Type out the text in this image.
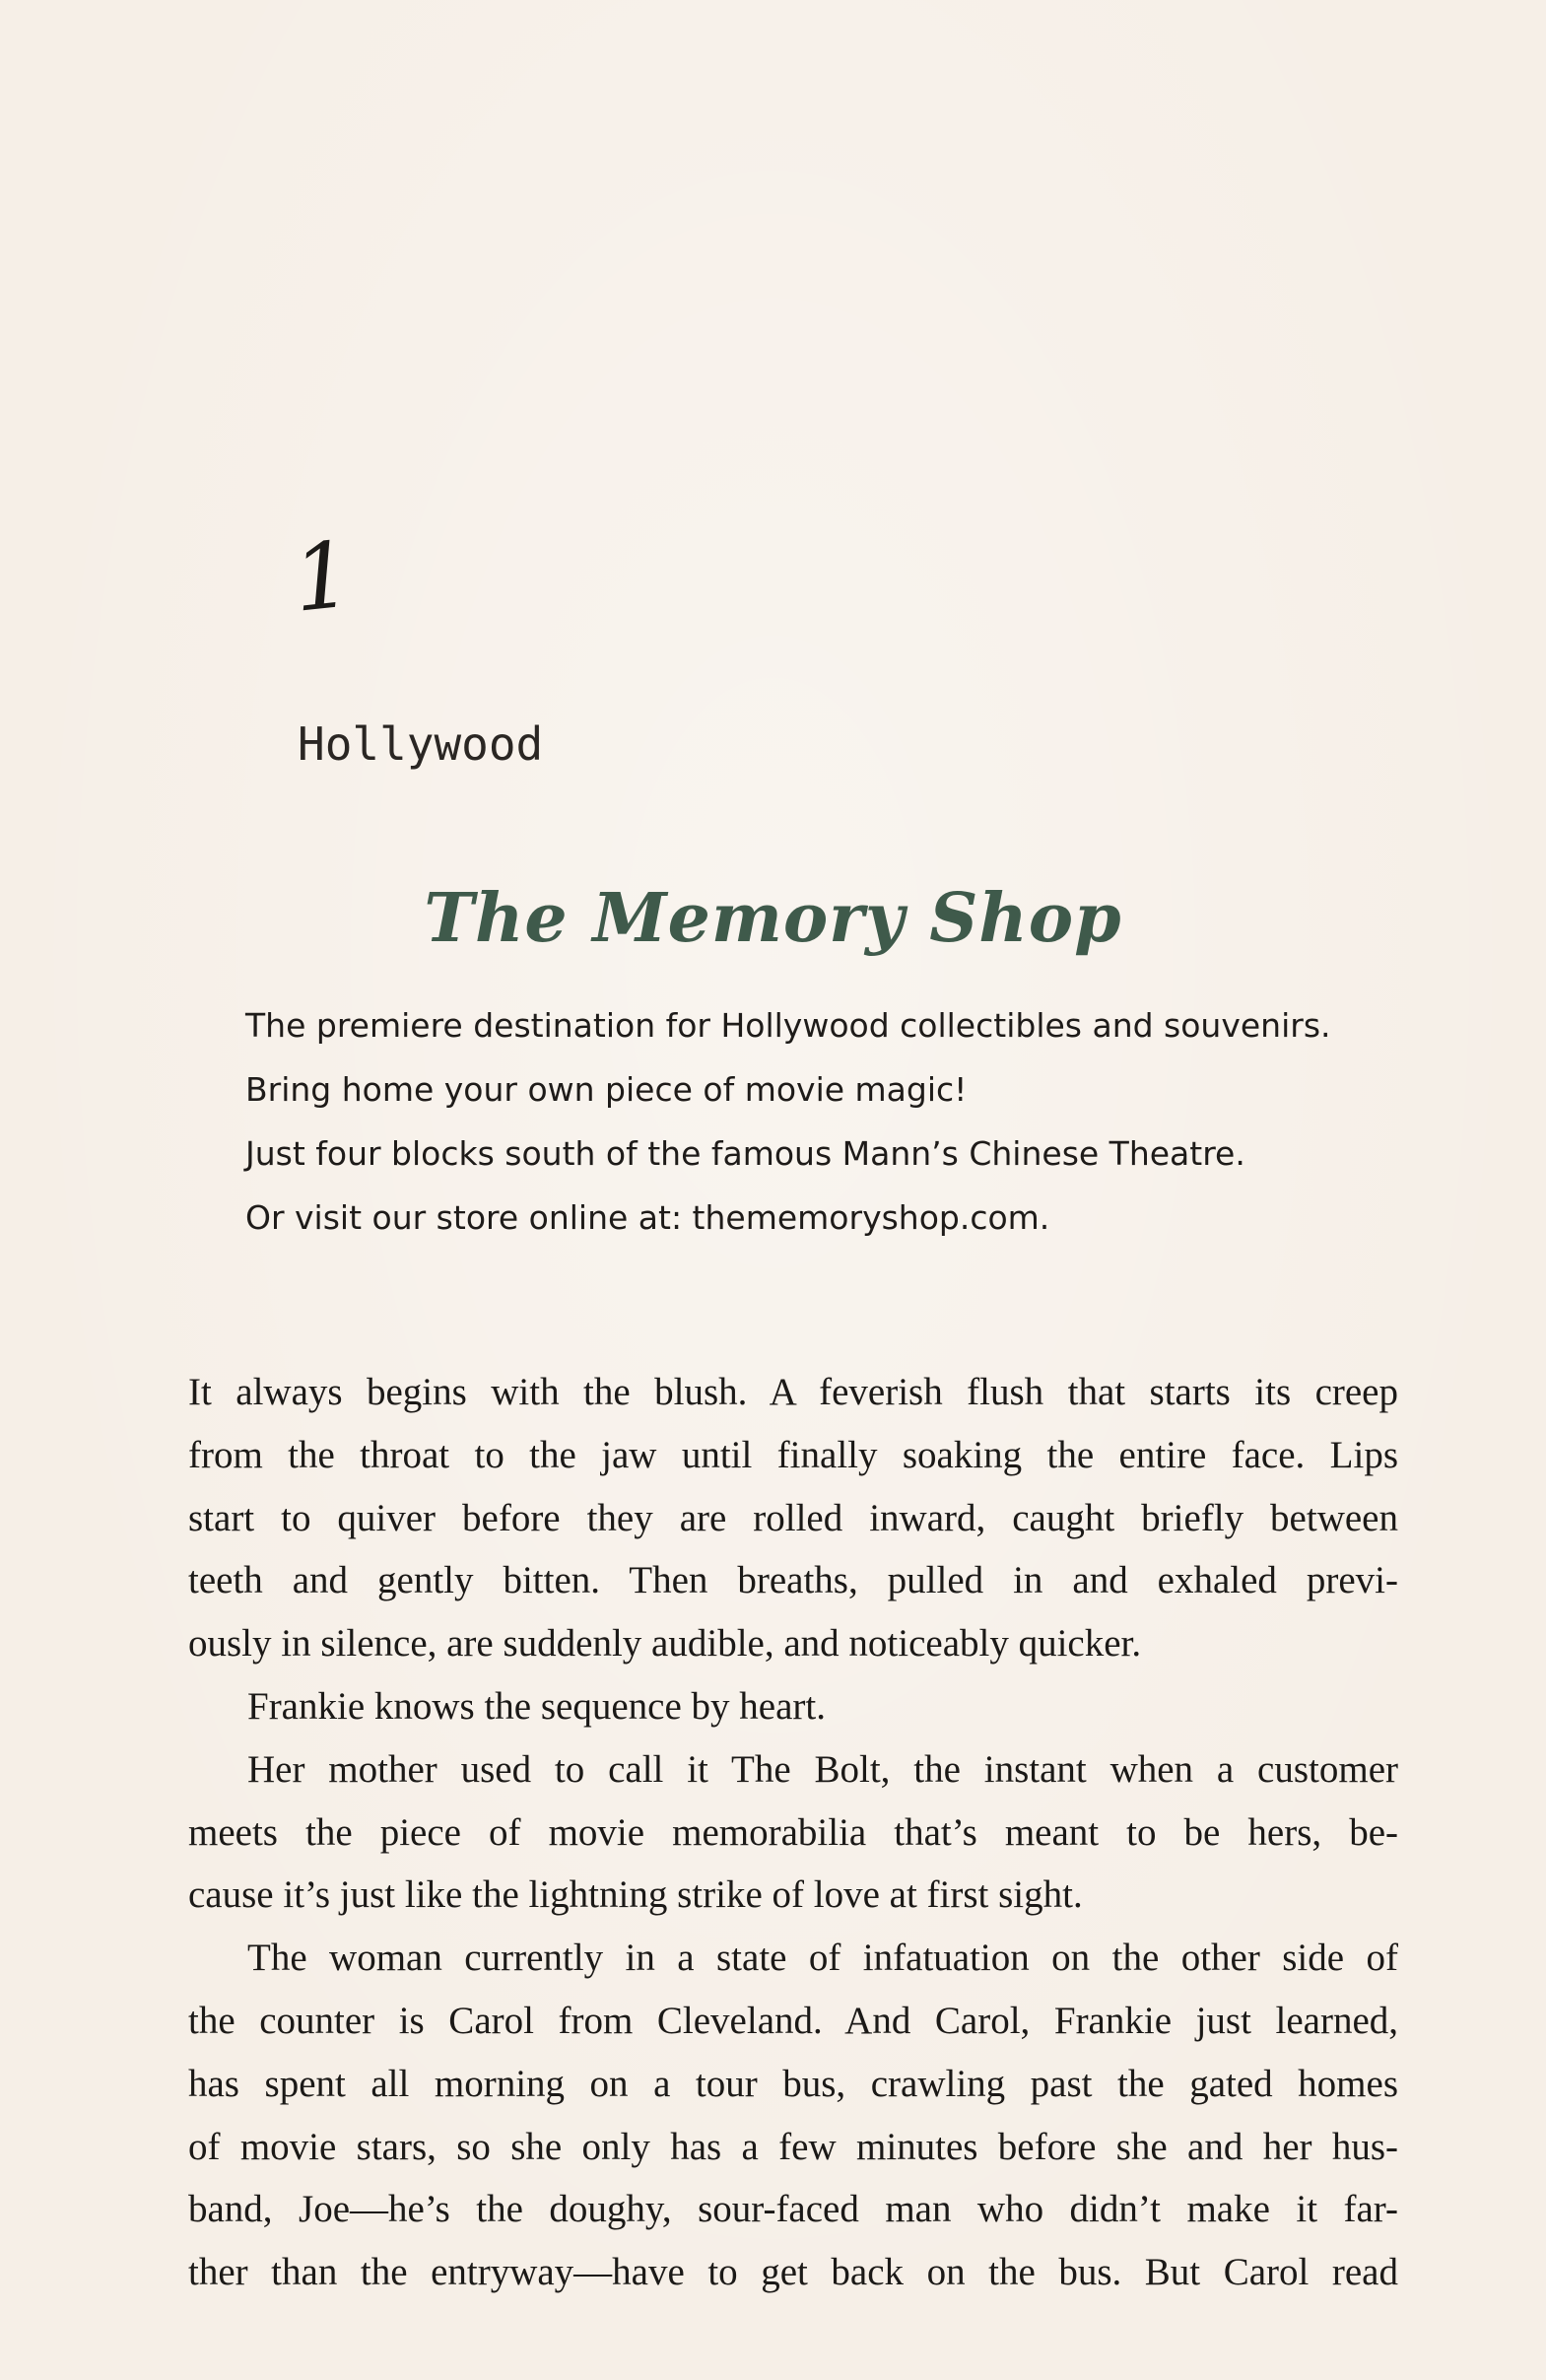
1
Hollywood
The Memory Shop
The premiere destination for Hollywood collectibles and souvenirs.
Bring home your own piece of movie magic!
Just four blocks south of the famous Mann’s Chinese Theatre.
Or visit our store online at: thememoryshop.com.
It always begins with the blush. A feverish flush that starts its creep
from the throat to the jaw until finally soaking the entire face. Lips
start to quiver before they are rolled inward, caught briefly between
teeth and gently bitten. Then breaths, pulled in and exhaled previ-
ously in silence, are suddenly audible, and noticeably quicker.
Frankie knows the sequence by heart.
Her mother used to call it The Bolt, the instant when a customer
meets the piece of movie memorabilia that’s meant to be hers, be-
cause it’s just like the lightning strike of love at first sight.
The woman currently in a state of infatuation on the other side of
the counter is Carol from Cleveland. And Carol, Frankie just learned,
has spent all morning on a tour bus, crawling past the gated homes
of movie stars, so she only has a few minutes before she and her hus-
band, Joe—he’s the doughy, sour-faced man who didn’t make it far-
ther than the entryway—have to get back on the bus. But Carol read
